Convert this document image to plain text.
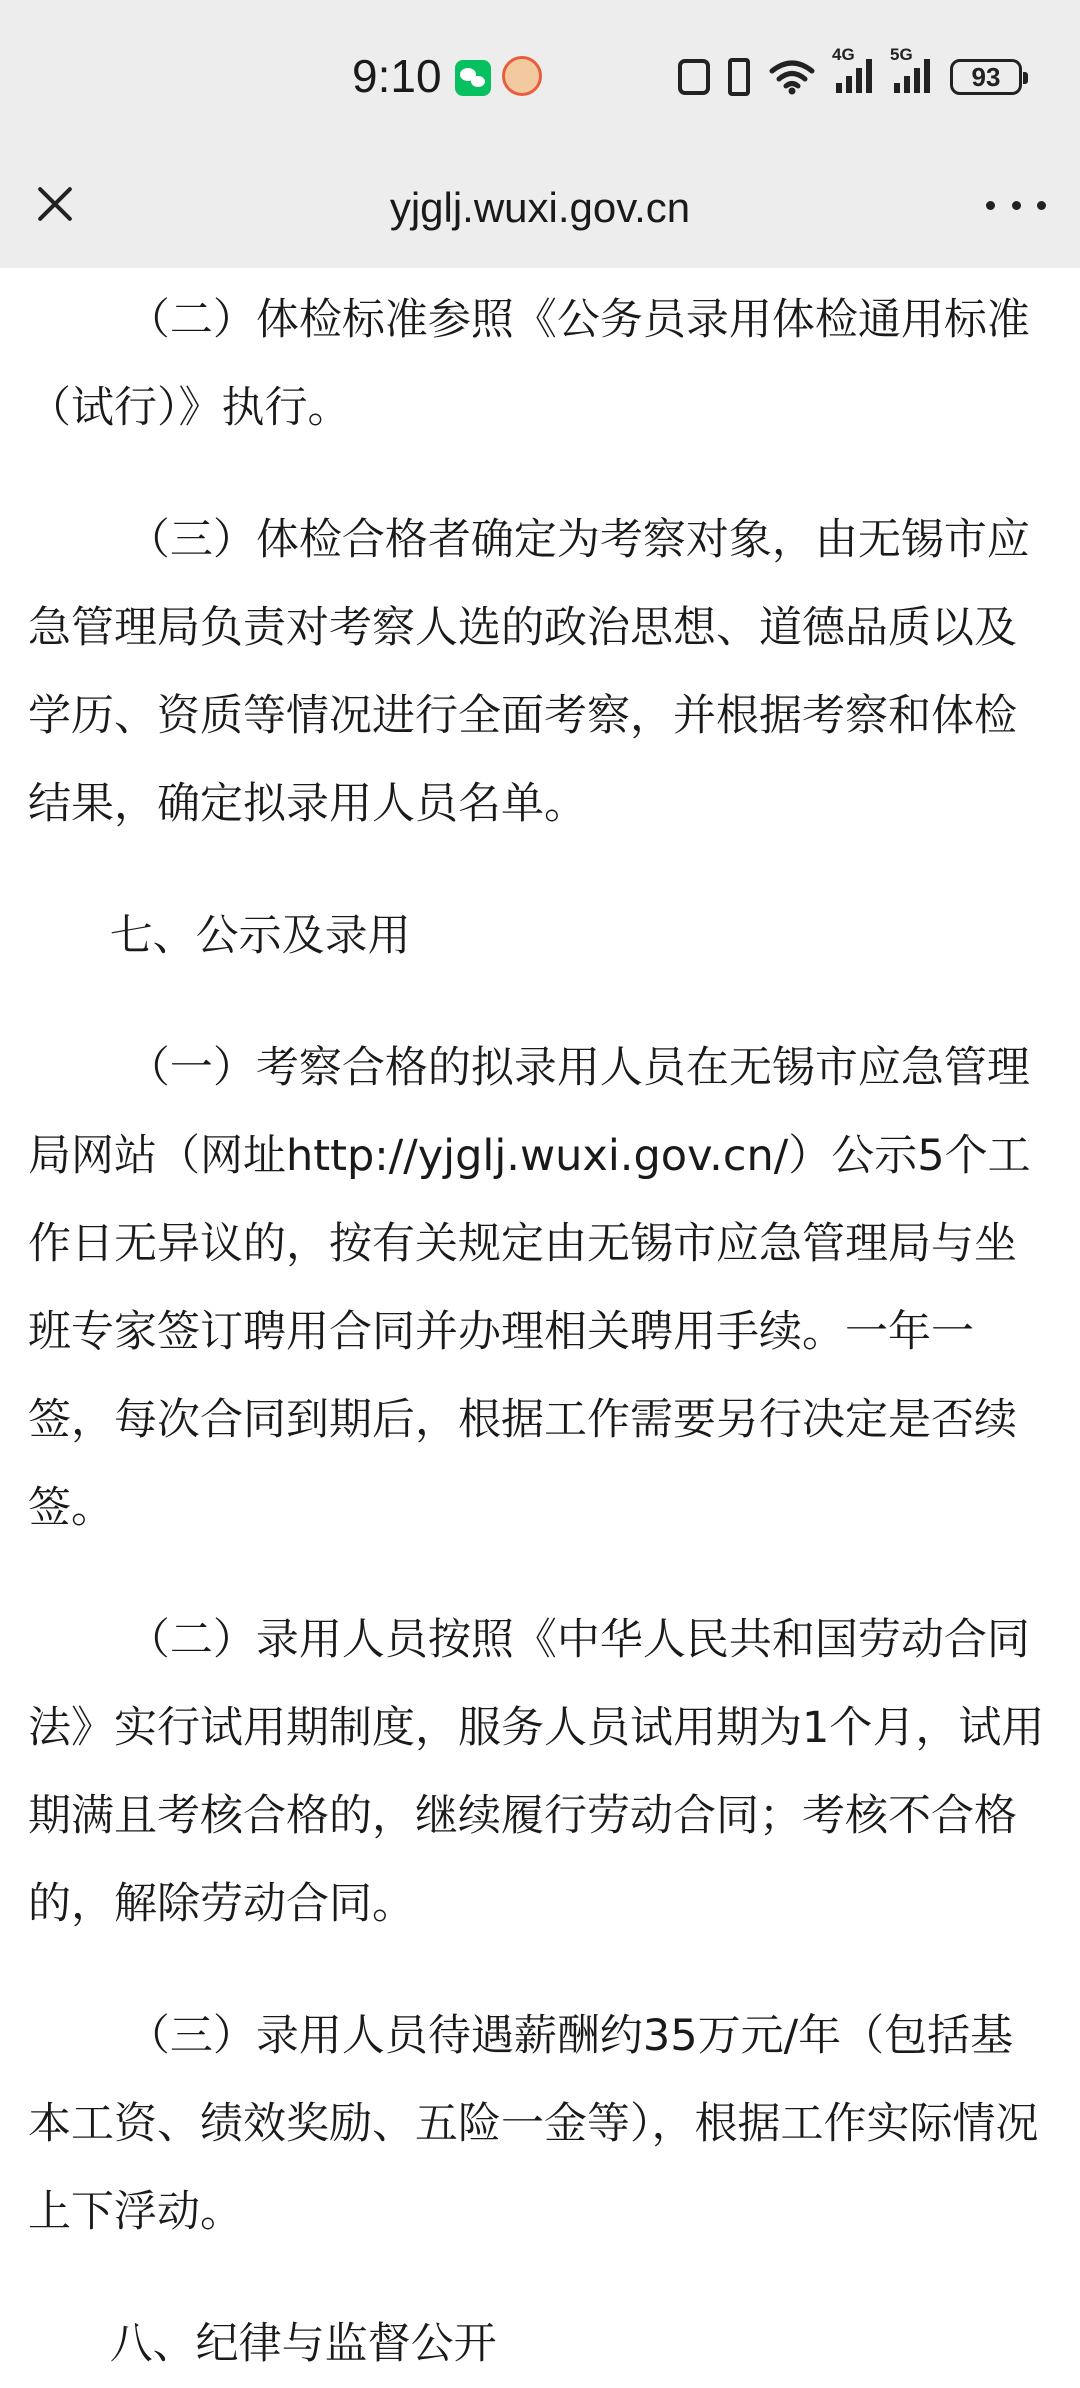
9:10	4G 5G
93
yjglj.wuxi.gov.cn

（二）体检标准参照《公务员录用体检通用标准（试行）》执行。

（三）体检合格者确定为考察对象，由无锡市应急管理局负责对考察人选的政治思想、道德品质以及学历、资质等情况进行全面考察，并根据考察和体检结果，确定拟录用人员名单。

七、公示及录用

（一）考察合格的拟录用人员在无锡市应急管理局网站（网址http://yjglj.wuxi.gov.cn/）公示5个工作日无异议的，按有关规定由无锡市应急管理局与坐班专家签订聘用合同并办理相关聘用手续。一年一签，每次合同到期后，根据工作需要另行决定是否续签。

（二）录用人员按照《中华人民共和国劳动合同法》实行试用期制度，服务人员试用期为1个月，试用期满且考核合格的，继续履行劳动合同；考核不合格的，解除劳动合同。

（三）录用人员待遇薪酬约35万元/年（包括基本工资、绩效奖励、五险一金等），根据工作实际情况上下浮动。

八、纪律与监督公开
